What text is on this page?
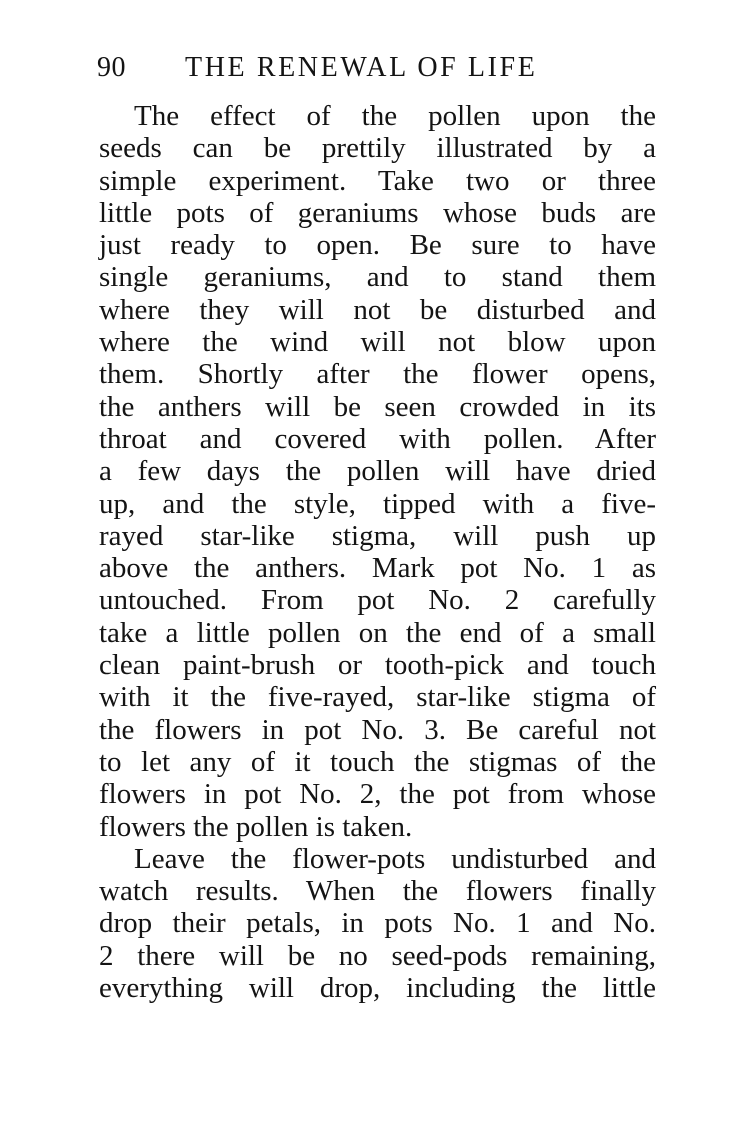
90 THE RENEWAL OF LIFE
The effect of the pollen upon the
seeds can be prettily illustrated by a
simple experiment. Take two or three
little pots of geraniums whose buds are
just ready to open. Be sure to have
single geraniums, and to stand them
where they will not be disturbed and
where the wind will not blow upon
them. Shortly after the flower opens,
the anthers will be seen crowded in its
throat and covered with pollen. After
a few days the pollen will have dried
up, and the style, tipped with a five-
rayed star-like stigma, will push up
above the anthers. Mark pot No. 1 as
untouched. From pot No. 2 carefully
take a little pollen on the end of a small
clean paint-brush or tooth-pick and touch
with it the five-rayed, star-like stigma of
the flowers in pot No. 3. Be careful not
to let any of it touch the stigmas of the
flowers in pot No. 2, the pot from whose
flowers the pollen is taken.
Leave the flower-pots undisturbed and
watch results. When the flowers finally
drop their petals, in pots No. 1 and No.
2 there will be no seed-pods remaining,
everything will drop, including the little
